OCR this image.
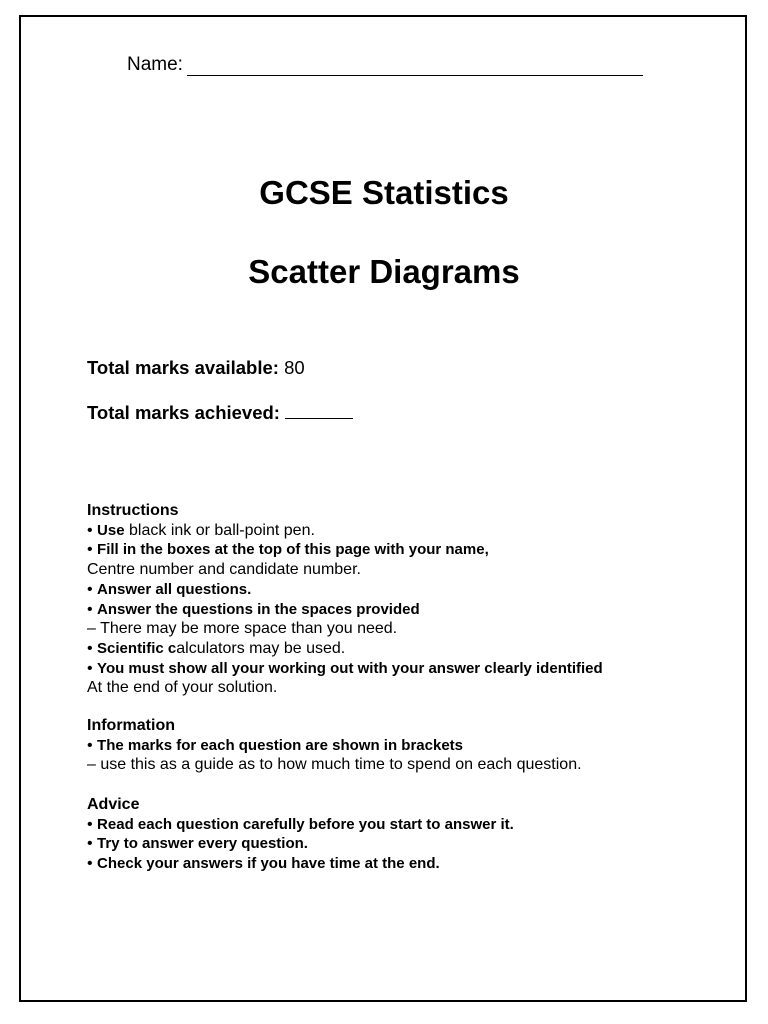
Name:
GCSE Statistics
Scatter Diagrams
Total marks available: 80
Total marks achieved:
Instructions
• Use black ink or ball-point pen.
• Fill in the boxes at the top of this page with your name,
Centre number and candidate number.
• Answer all questions.
• Answer the questions in the spaces provided
– There may be more space than you need.
• Scientific calculators may be used.
• You must show all your working out with your answer clearly identified
At the end of your solution.
Information
• The marks for each question are shown in brackets
– use this as a guide as to how much time to spend on each question.
Advice
• Read each question carefully before you start to answer it.
• Try to answer every question.
• Check your answers if you have time at the end.
